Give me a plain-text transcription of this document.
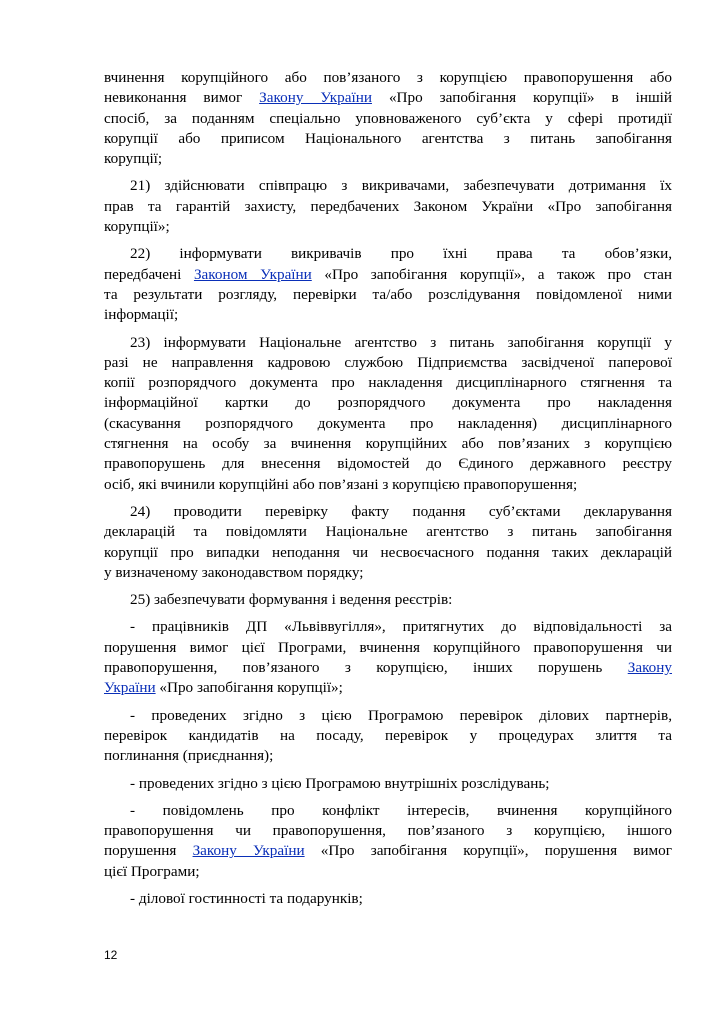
вчинення корупційного або пов’язаного з корупцією правопорушення або
невиконання вимог Закону України «Про запобігання корупції» в іншій
спосіб, за поданням спеціально уповноваженого суб’єкта у сфері протидії
корупції або приписом Національного агентства з питань запобігання
корупції;
21) здійснювати співпрацю з викривачами, забезпечувати дотримання їх
прав та гарантій захисту, передбачених Законом України «Про запобігання
корупції»;
22) інформувати викривачів про їхні права та обов’язки,
передбачені Законом України «Про запобігання корупції», а також про стан
та результати розгляду, перевірки та/або розслідування повідомленої ними
інформації;
23) інформувати Національне агентство з питань запобігання корупції у
разі не направлення кадровою службою Підприємства засвідченої паперової
копії розпорядчого документа про накладення дисциплінарного стягнення та
інформаційної картки до розпорядчого документа про накладення
(скасування розпорядчого документа про накладення) дисциплінарного
стягнення на особу за вчинення корупційних або пов’язаних з корупцією
правопорушень для внесення відомостей до Єдиного державного реєстру
осіб, які вчинили корупційні або пов’язані з корупцією правопорушення;
24) проводити перевірку факту подання суб’єктами декларування
декларацій та повідомляти Національне агентство з питань запобігання
корупції про випадки неподання чи несвоєчасного подання таких декларацій
у визначеному законодавством порядку;
25) забезпечувати формування і ведення реєстрів:
- працівників ДП «Львіввугілля», притягнутих до відповідальності за
порушення вимог цієї Програми, вчинення корупційного правопорушення чи
правопорушення, пов’язаного з корупцією, інших порушень Закону
України «Про запобігання корупції»;
- проведених згідно з цією Програмою перевірок ділових партнерів,
перевірок кандидатів на посаду, перевірок у процедурах злиття та
поглинання (приєднання);
- проведених згідно з цією Програмою внутрішніх розслідувань;
- повідомлень про конфлікт інтересів, вчинення корупційного
правопорушення чи правопорушення, пов’язаного з корупцією, іншого
порушення Закону України «Про запобігання корупції», порушення вимог
цієї Програми;
- ділової гостинності та подарунків;
12
